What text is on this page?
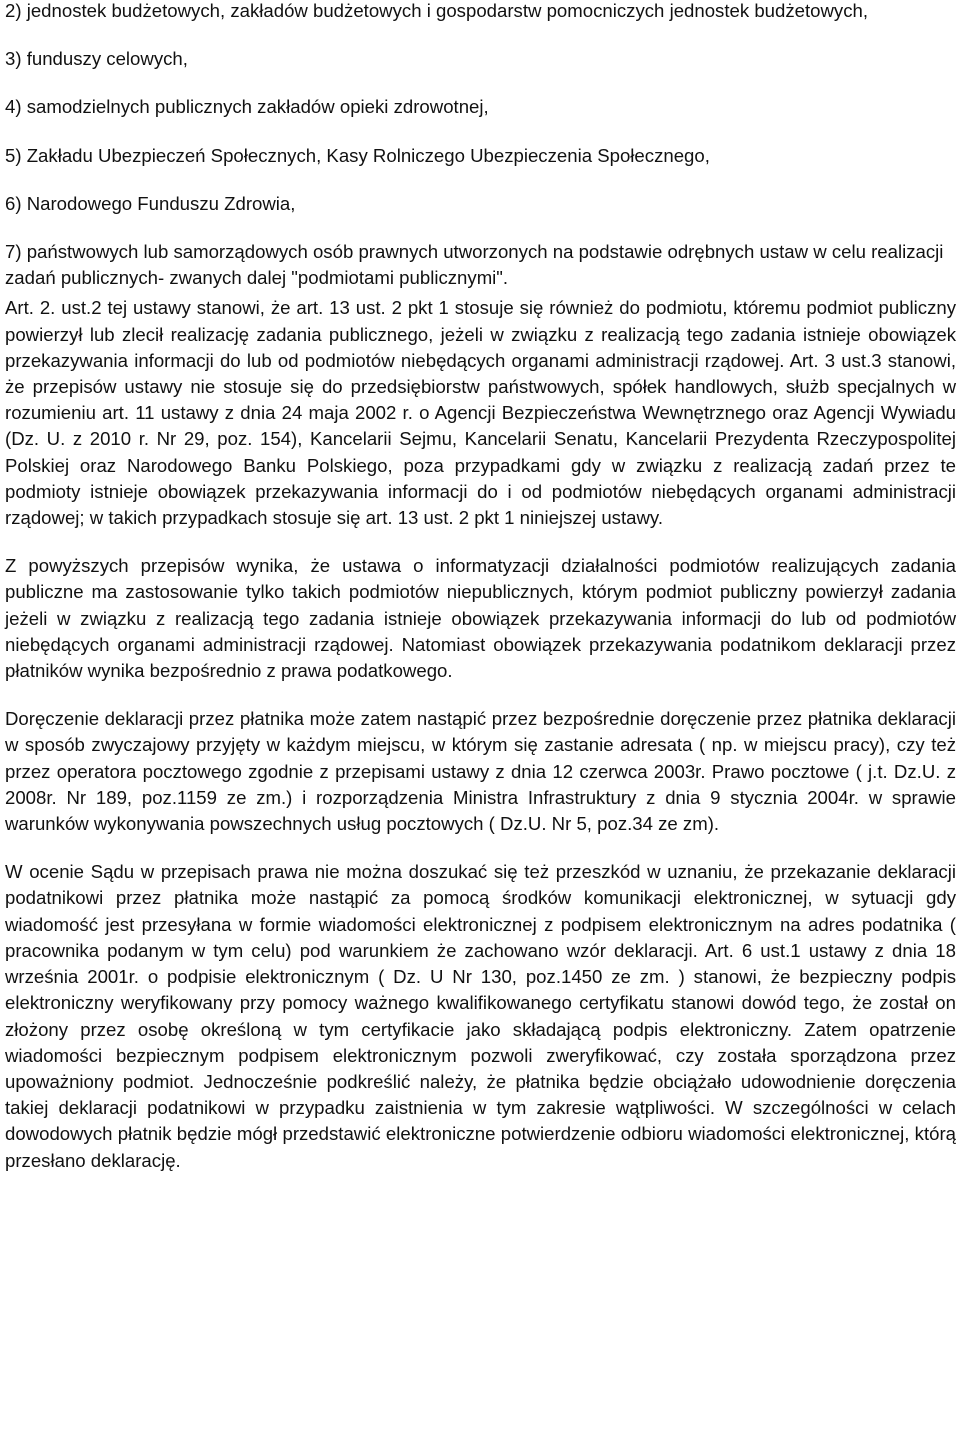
2) jednostek budżetowych, zakładów budżetowych i gospodarstw pomocniczych jednostek budżetowych,

3) funduszy celowych,

4) samodzielnych publicznych zakładów opieki zdrowotnej,

5) Zakładu Ubezpieczeń Społecznych, Kasy Rolniczego Ubezpieczenia Społecznego,

6) Narodowego Funduszu Zdrowia,

7) państwowych lub samorządowych osób prawnych utworzonych na podstawie odrębnych ustaw w celu realizacji zadań publicznych- zwanych dalej "podmiotami publicznymi".

Art. 2. ust.2 tej ustawy stanowi, że art. 13 ust. 2 pkt 1 stosuje się również do podmiotu, któremu podmiot publiczny powierzył lub zlecił realizację zadania publicznego, jeżeli w związku z realizacją tego zadania istnieje obowiązek przekazywania informacji do lub od podmiotów niebędących organami administracji rządowej. Art. 3 ust.3 stanowi, że przepisów ustawy nie stosuje się do przedsiębiorstw państwowych, spółek handlowych, służb specjalnych w rozumieniu art. 11 ustawy z dnia 24 maja 2002 r. o Agencji Bezpieczeństwa Wewnętrznego oraz Agencji Wywiadu (Dz. U. z 2010 r. Nr 29, poz. 154), Kancelarii Sejmu, Kancelarii Senatu, Kancelarii Prezydenta Rzeczypospolitej Polskiej oraz Narodowego Banku Polskiego, poza przypadkami gdy w związku z realizacją zadań przez te podmioty istnieje obowiązek przekazywania informacji do i od podmiotów niebędących organami administracji rządowej; w takich przypadkach stosuje się art. 13 ust. 2 pkt 1 niniejszej ustawy.

Z powyższych przepisów wynika, że ustawa o informatyzacji działalności podmiotów realizujących zadania publiczne ma zastosowanie tylko takich podmiotów niepublicznych, którym podmiot publiczny powierzył zadania jeżeli w związku z realizacją tego zadania istnieje obowiązek przekazywania informacji do lub od podmiotów niebędących organami administracji rządowej. Natomiast obowiązek przekazywania podatnikom deklaracji przez płatników wynika bezpośrednio z prawa podatkowego.

Doręczenie deklaracji przez płatnika może zatem nastąpić przez bezpośrednie doręczenie przez płatnika deklaracji w sposób zwyczajowy przyjęty w każdym miejscu, w którym się zastanie adresata ( np. w miejscu pracy), czy też przez operatora pocztowego zgodnie z przepisami ustawy z dnia 12 czerwca 2003r. Prawo pocztowe ( j.t. Dz.U. z 2008r. Nr 189, poz.1159 ze zm.) i rozporządzenia Ministra Infrastruktury z dnia 9 stycznia 2004r. w sprawie warunków wykonywania powszechnych usług pocztowych ( Dz.U. Nr 5, poz.34 ze zm).

W ocenie Sądu w przepisach prawa nie można doszukać się też przeszkód w uznaniu, że przekazanie deklaracji podatnikowi przez płatnika może nastąpić za pomocą środków komunikacji elektronicznej, w sytuacji gdy wiadomość jest przesyłana w formie wiadomości elektronicznej z podpisem elektronicznym na adres podatnika ( pracownika podanym w tym celu) pod warunkiem że zachowano wzór deklaracji. Art. 6 ust.1 ustawy z dnia 18 września 2001r. o podpisie elektronicznym ( Dz. U Nr 130, poz.1450 ze zm. ) stanowi, że bezpieczny podpis elektroniczny weryfikowany przy pomocy ważnego kwalifikowanego certyfikatu stanowi dowód tego, że został on złożony przez osobę określoną w tym certyfikacie jako składającą podpis elektroniczny. Zatem opatrzenie wiadomości bezpiecznym podpisem elektronicznym pozwoli zweryfikować, czy została sporządzona przez upoważniony podmiot. Jednocześnie podkreślić należy, że płatnika będzie obciążało udowodnienie doręczenia takiej deklaracji podatnikowi w przypadku zaistnienia w tym zakresie wątpliwości. W szczególności w celach dowodowych płatnik będzie mógł przedstawić elektroniczne potwierdzenie odbioru wiadomości elektronicznej, którą przesłano deklarację.
